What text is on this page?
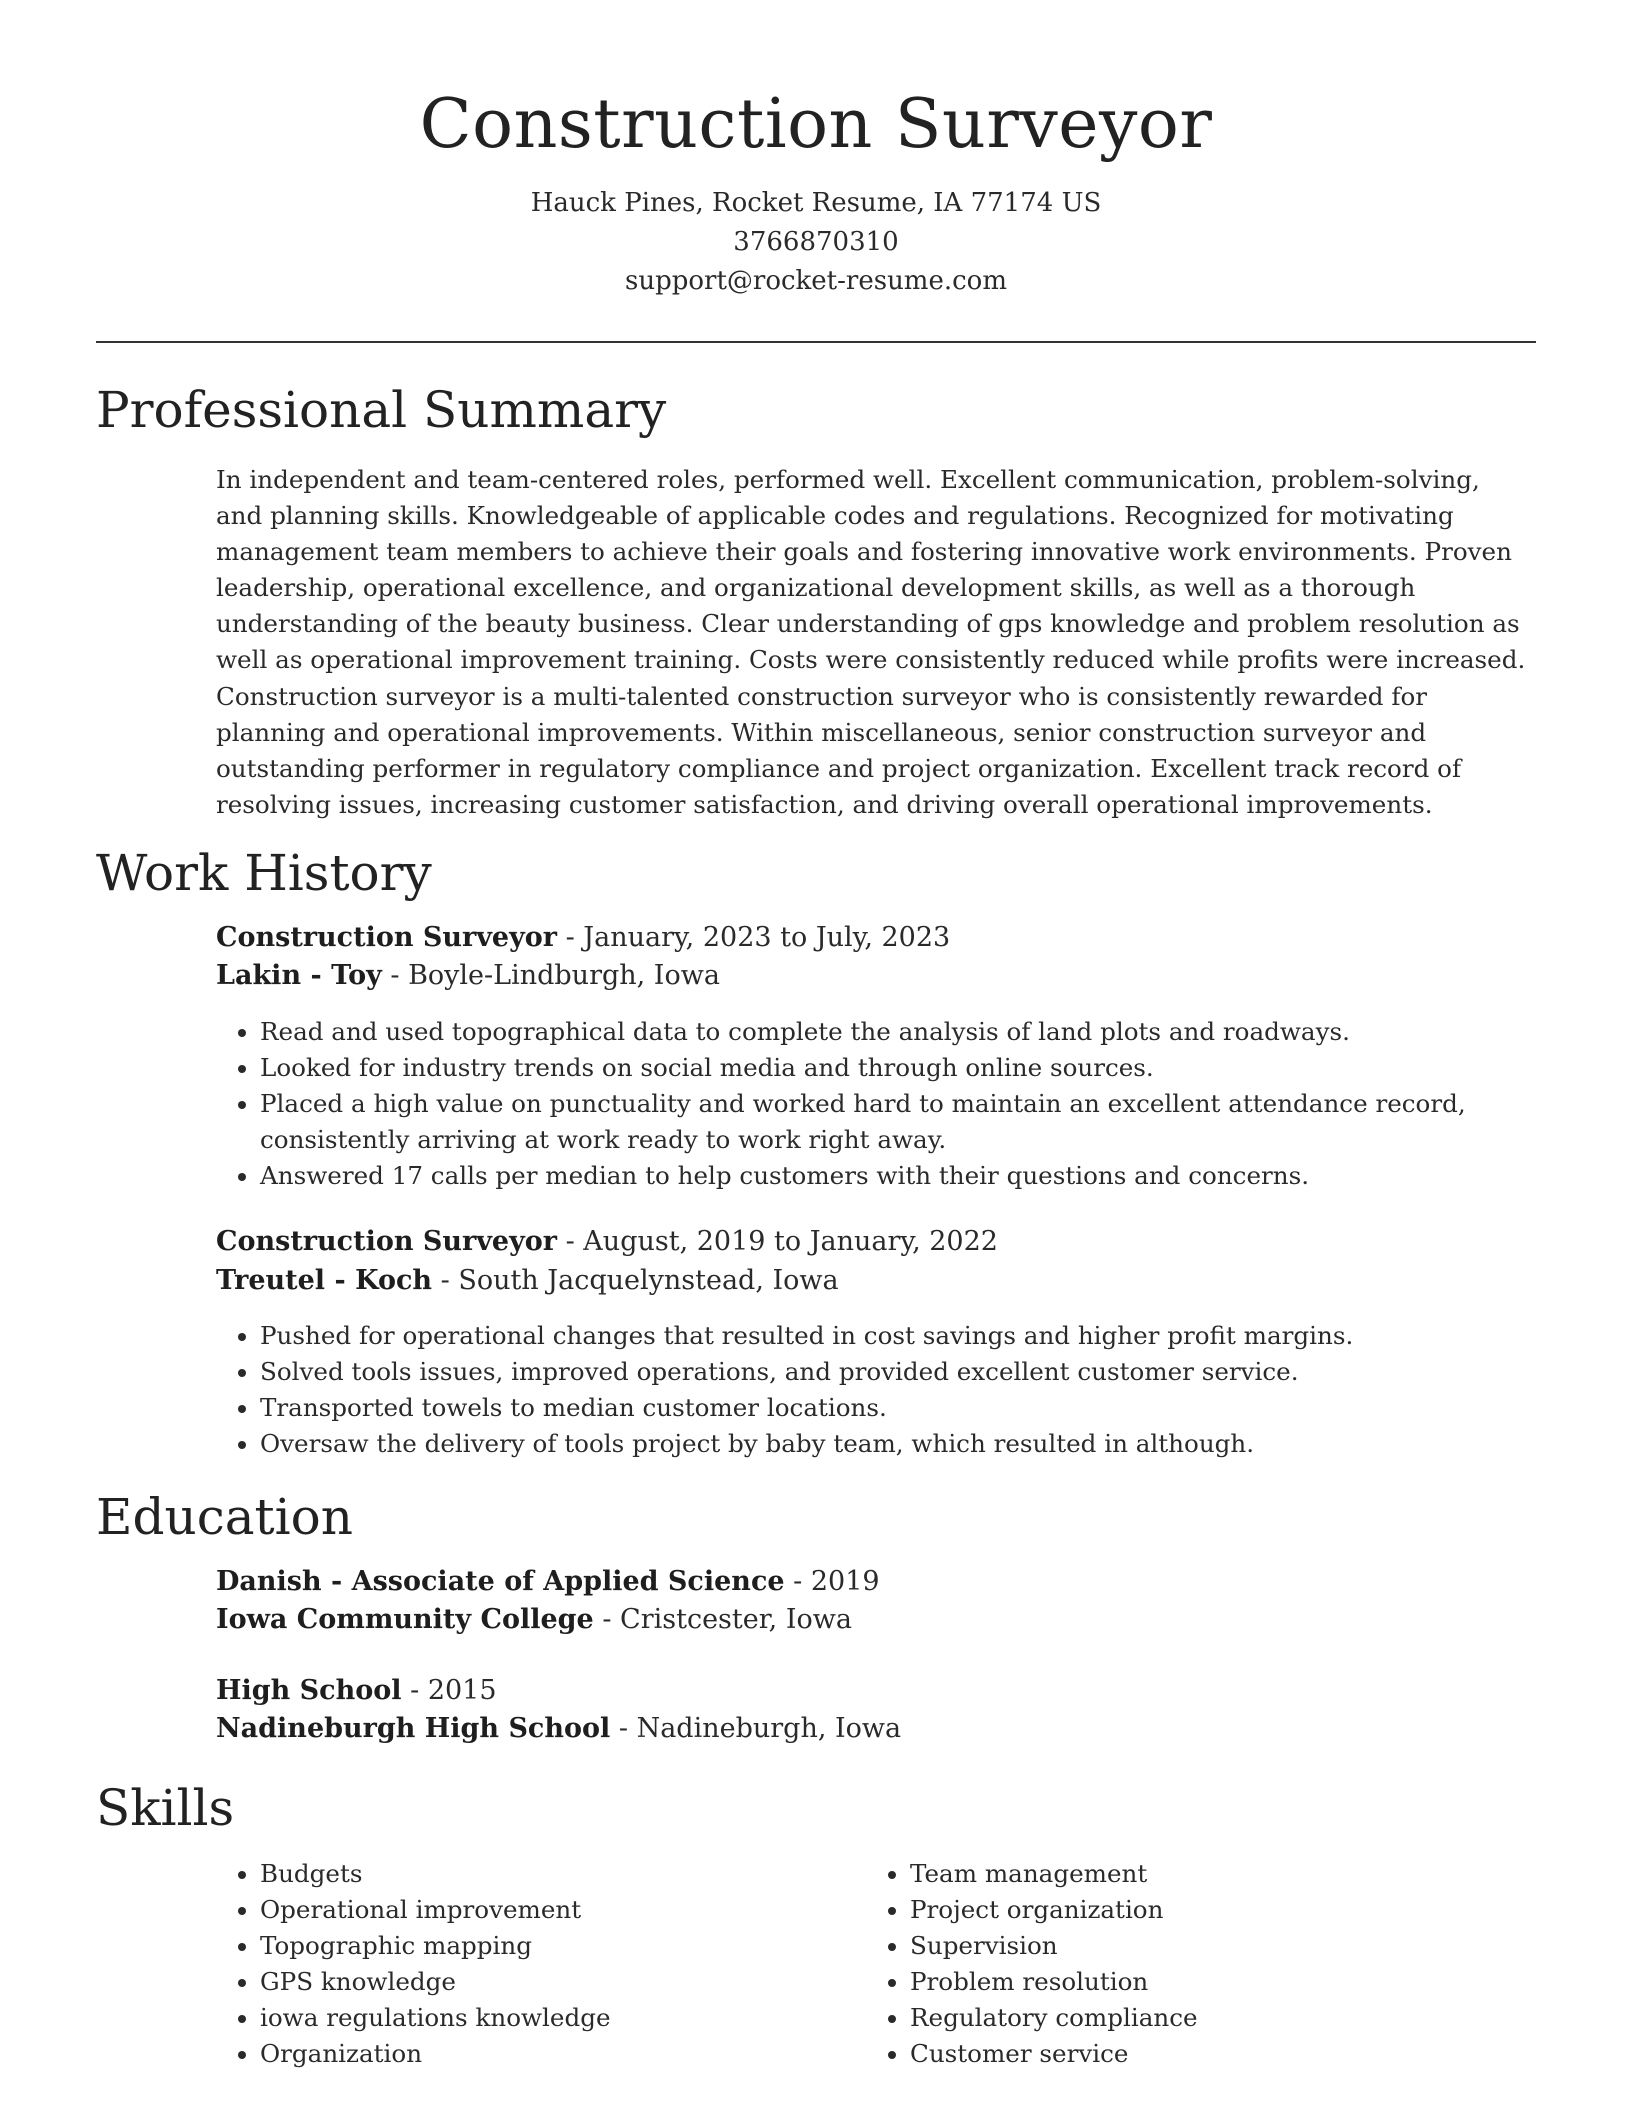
Construction Surveyor
Hauck Pines, Rocket Resume, IA 77174 US
3766870310
support@rocket-resume.com
Professional Summary

In independent and team-centered roles, performed well. Excellent communication, problem-solving, and planning skills. Knowledgeable of applicable codes and regulations. Recognized for motivating management team members to achieve their goals and fostering innovative work environments. Proven leadership, operational excellence, and organizational development skills, as well as a thorough understanding of the beauty business. Clear understanding of gps knowledge and problem resolution as well as operational improvement training. Costs were consistently reduced while profits were increased. Construction surveyor is a multi-talented construction surveyor who is consistently rewarded for planning and operational improvements. Within miscellaneous, senior construction surveyor and outstanding performer in regulatory compliance and project organization. Excellent track record of resolving issues, increasing customer satisfaction, and driving overall operational improvements.

Work History
Construction Surveyor - January, 2023 to July, 2023
Lakin - Toy - Boyle-Lindburgh, Iowa
• Read and used topographical data to complete the analysis of land plots and roadways.
• Looked for industry trends on social media and through online sources.
• Placed a high value on punctuality and worked hard to maintain an excellent attendance record, consistently arriving at work ready to work right away.
• Answered 17 calls per median to help customers with their questions and concerns.
Construction Surveyor - August, 2019 to January, 2022
Treutel - Koch - South Jacquelynstead, Iowa
• Pushed for operational changes that resulted in cost savings and higher profit margins.
• Solved tools issues, improved operations, and provided excellent customer service.
• Transported towels to median customer locations.
• Oversaw the delivery of tools project by baby team, which resulted in although.
Education
Danish - Associate of Applied Science - 2019
Iowa Community College - Cristcester, Iowa
High School - 2015
Nadineburgh High School - Nadineburgh, Iowa
Skills
• Budgets
• Operational improvement
• Topographic mapping
• GPS knowledge
• iowa regulations knowledge
• Organization
• Team management
• Project organization
• Supervision
• Problem resolution
• Regulatory compliance
• Customer service
